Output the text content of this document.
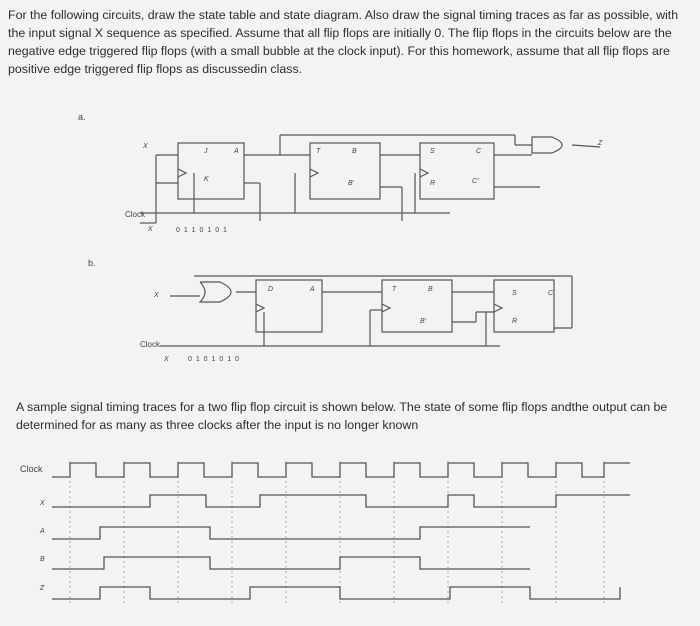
For the following circuits, draw the state table and state diagram. Also draw the signal timing traces as far as possible, with the input signal X sequence as specified. Assume that all flip flops are initially 0. The flip flops in the circuits below are the negative edge triggered flip flops (with a small bubble at the clock input). For this homework, assume that all flip flops are positive edge triggered flip flops as discussedin class.
a.
X
J	A
K
T	B
B'
S	C
R	C'
Z
Clock
X	0 1 1 0 1 0 1
b.
X
D	A	T	B
B'
S	C
R
Clock
X	0 1 0 1 0 1 0
A sample signal timing traces for a two flip flop circuit is shown below. The state of some flip flops andthe output can be determined for as many as three clocks after the input is no longer known
Clock
X
A
B
Z
